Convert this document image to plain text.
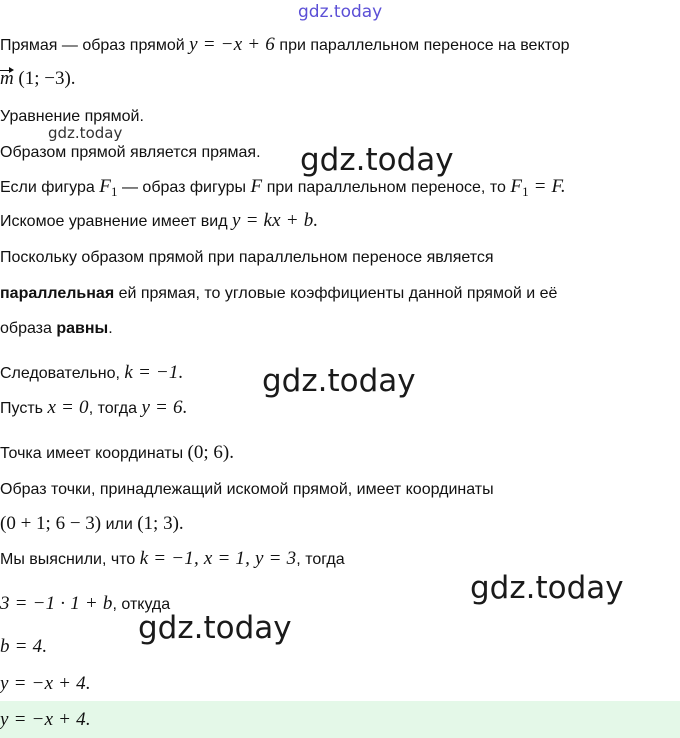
gdz.today
gdz.today
gdz.today
gdz.today
gdz.today
gdz.today
Прямая — образ прямой y = −x + 6 при параллельном переносе на вектор
m (1; −3).
Уравнение прямой.
Образом прямой является прямая.
Если фигура $F_1$ — образ фигуры F при параллельном переносе, то $F_1 = F$.
Искомое уравнение имеет вид y = kx + b.
Поскольку образом прямой при параллельном переносе является
параллельная ей прямая, то угловые коэффициенты данной прямой и её
образа равны.
Следовательно, k = −1.
Пусть x = 0, тогда y = 6.
Точка имеет координаты (0; 6).
Образ точки, принадлежащий искомой прямой, имеет координаты
(0 + 1; 6 − 3) или (1; 3).
Мы выяснили, что k = −1, x = 1, y = 3, тогда
3 = −1 · 1 + b, откуда
b = 4.
y = −x + 4.
y = −x + 4.
